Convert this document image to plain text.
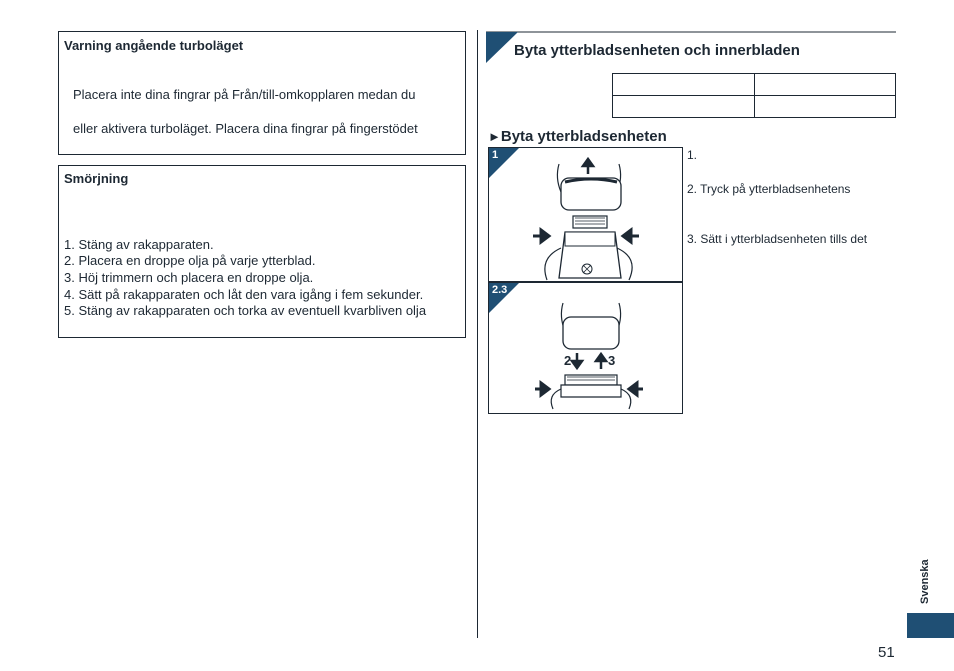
Varning angående turboläget
Placera inte dina fingrar på Från/till-omkopplaren medan du
eller aktivera turboläget. Placera dina fingrar på fingerstödet
Smörjning
1. Stäng av rakapparaten.
2. Placera en droppe olja på varje ytterblad.
3. Höj trimmern och placera en droppe olja.
4. Sätt på rakapparaten och låt den vara igång i fem sekunder.
5. Stäng av rakapparaten och torka av eventuell kvarbliven olja
Byta ytterbladsenheten och innerbladen

►Byta ytterbladsenheten
1
2.3
2	3
1.
2. Tryck på ytterbladsenhetens
3. Sätt i ytterbladsenheten tills det
Svenska
51
